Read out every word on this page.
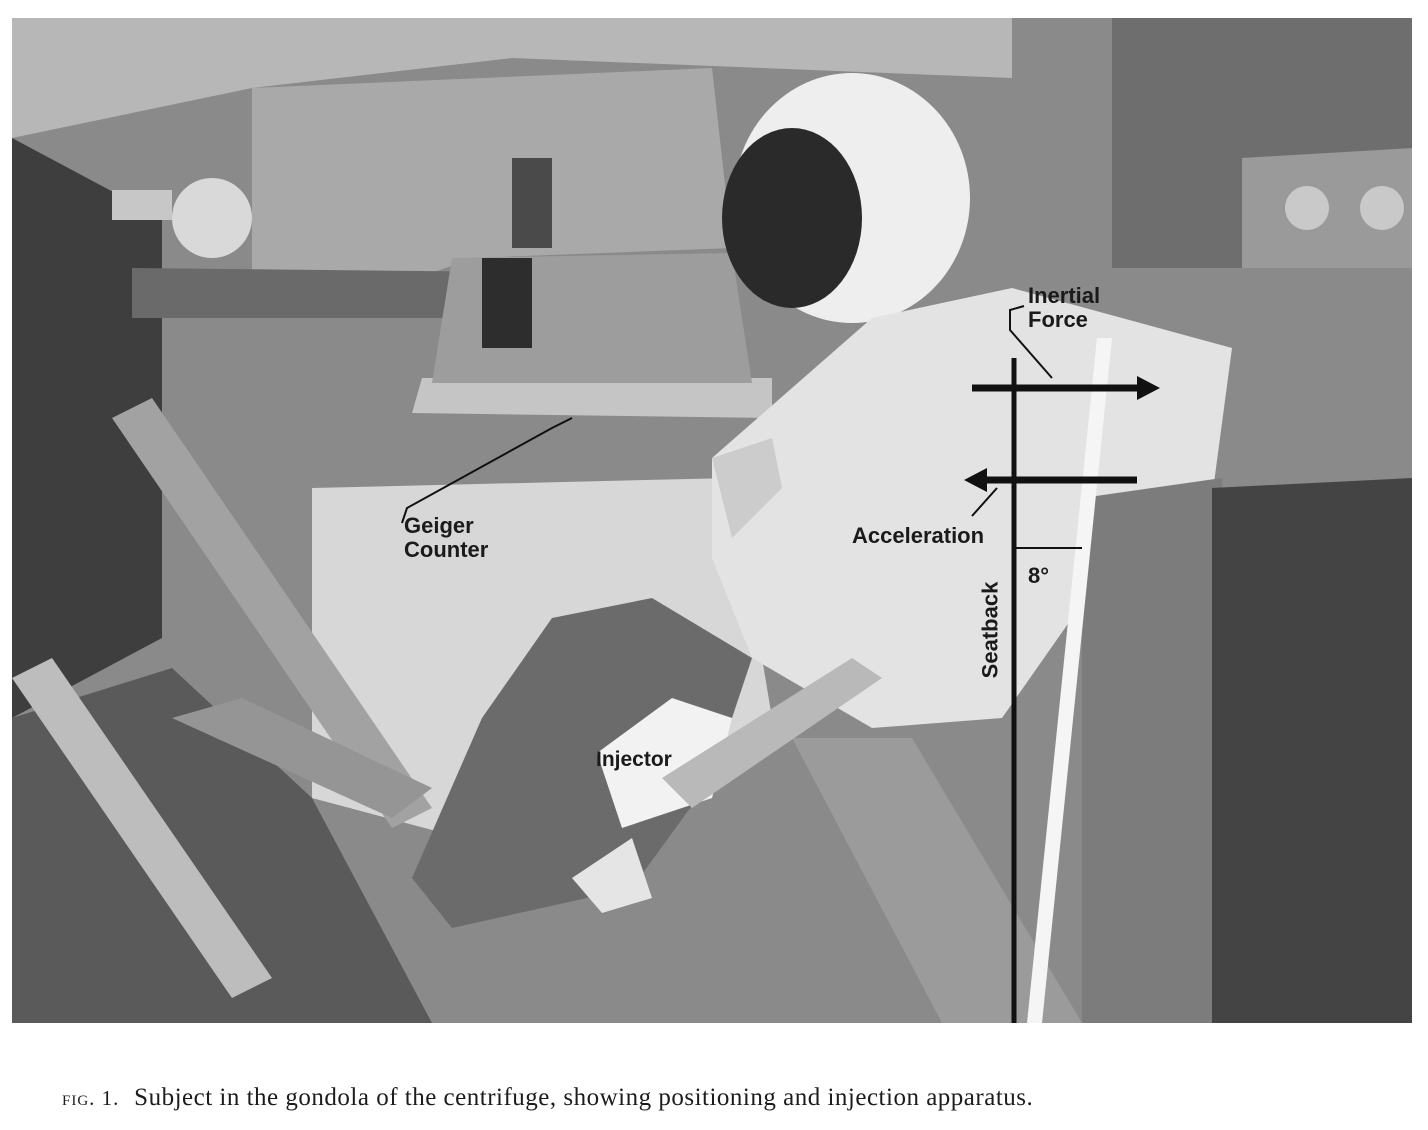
Geiger
Counter
Inertial
Force
Acceleration
Seatback
8°
Injector
fig. 1. Subject in the gondola of the centrifuge, showing positioning and injection apparatus.
